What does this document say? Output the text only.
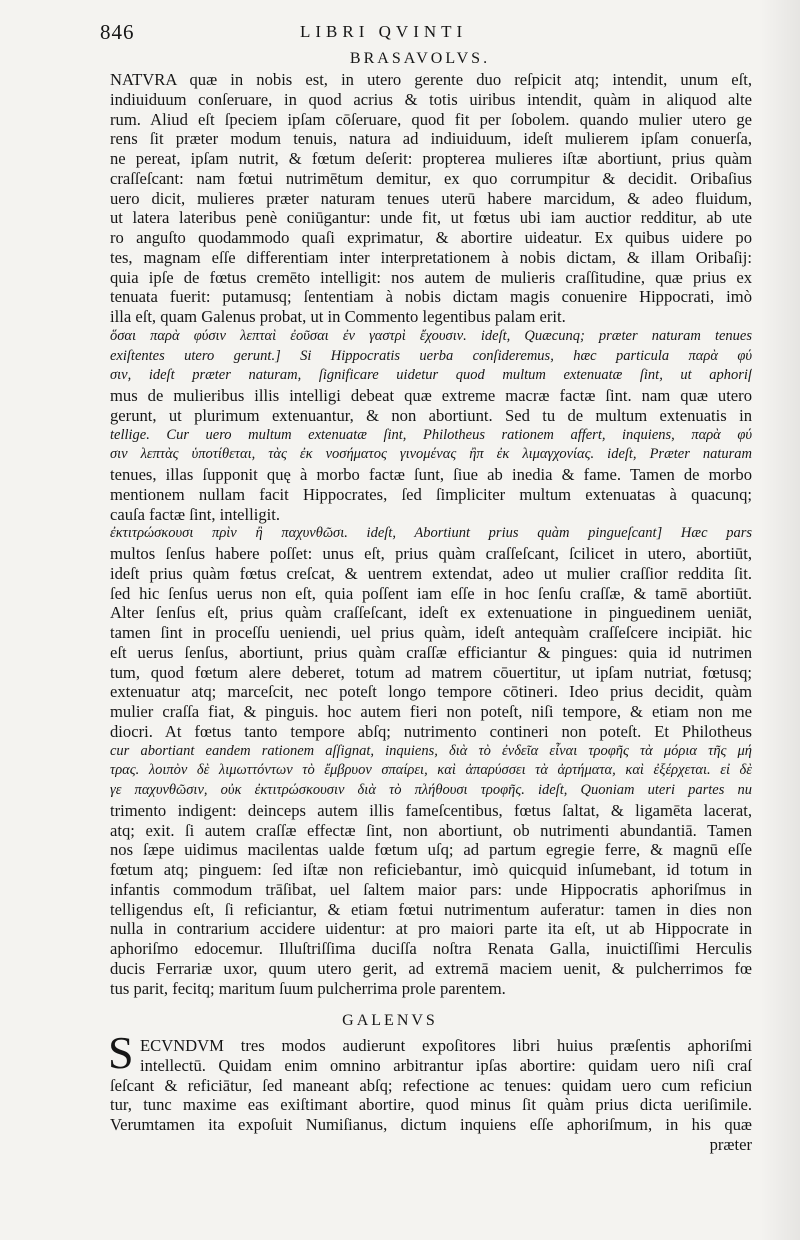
846	LIBRI QVINTI
BRASAVOLVS.
NATVRA quæ in nobis est, in utero gerente duo reſpicit atq; intendit, unum eſt,
indiuiduum conſeruare, in quod acrius & totis uiribus intendit, quàm in aliquod alte
rum. Aliud eſt ſpeciem ipſam cōſeruare, quod fit per ſobolem. quando mulier utero ge
rens ſit præter modum tenuis, natura ad indiuiduum, ideſt mulierem ipſam conuerſa,
ne pereat, ipſam nutrit, & fœtum deſerit: propterea mulieres iſtæ abortiunt, prius quàm
craſſeſcant: nam fœtui nutrimētum demitur, ex quo corrumpitur & decidit. Oribaſius
uero dicit, mulieres præter naturam tenues uterū habere marcidum, & adeo fluidum,
ut latera lateribus penè coniūgantur: unde fit, ut fœtus ubi iam auctior redditur, ab ute
ro anguſto quodammodo quaſi exprimatur, & abortire uideatur. Ex quibus uidere po
tes, magnam eſſe differentiam inter interpretationem à nobis dictam, & illam Oribaſij:
quia ipſe de fœtus cremēto intelligit: nos autem de mulieris craſſitudine, quæ prius ex
tenuata fuerit: putamusq; ſententiam à nobis dictam magis conuenire Hippocrati, imò
illa eſt, quam Galenus probat, ut in Commento legentibus palam erit.
ὅσαι παρὰ φύσιν λεπταὶ ἐοῦσαι ἐν γαστρὶ ἔχουσιν. ideſt, Quæcunq; præter naturam tenues
exiſtentes utero gerunt.] Si Hippocratis uerba conſideremus, hæc particula παρὰ φύ
σιν, ideſt præter naturam, ſignificare uidetur quod multum extenuatæ ſint, ut aphoriſ
mus de mulieribus illis intelligi debeat quæ extreme macræ factæ ſint. nam quæ utero
gerunt, ut plurimum extenuantur, & non abortiunt. Sed tu de multum extenuatis in
tellige. Cur uero multum extenuatæ ſint, Philotheus rationem affert, inquiens, παρὰ φύ
σιν λεπτὰς ὑποτίθεται, τὰς ἐκ νοσήματος γινομένας ἢπ ἐκ λιμαγχονίας. ideſt, Præter naturam
tenues, illas ſupponit quę à morbo factæ ſunt, ſiue ab inedia & fame. Tamen de morbo
mentionem nullam facit Hippocrates, ſed ſimpliciter multum extenuatas à quacunq;
cauſa factæ ſint, intelligit.
ἐκτιτρώσκουσι πρὶν ἢ παχυνθῶσι. ideſt, Abortiunt prius quàm pingueſcant] Hæc pars
multos ſenſus habere poſſet: unus eſt, prius quàm craſſeſcant, ſcilicet in utero, abortiūt,
ideſt prius quàm fœtus creſcat, & uentrem extendat, adeo ut mulier craſſior reddita ſit.
ſed hic ſenſus uerus non eſt, quia poſſent iam eſſe in hoc ſenſu craſſæ, & tamē abortiūt.
Alter ſenſus eſt, prius quàm craſſeſcant, ideſt ex extenuatione in pinguedinem ueniāt,
tamen ſint in proceſſu ueniendi, uel prius quàm, ideſt antequàm craſſeſcere incipiāt. hic
eſt uerus ſenſus, abortiunt, prius quàm craſſæ efficiantur & pingues: quia id nutrimen
tum, quod fœtum alere deberet, totum ad matrem cōuertitur, ut ipſam nutriat, fœtusq;
extenuatur atq; marceſcit, nec poteſt longo tempore cōtineri. Ideo prius decidit, quàm
mulier craſſa fiat, & pinguis. hoc autem fieri non poteſt, niſi tempore, & etiam non me
diocri. At fœtus tanto tempore abſq; nutrimento contineri non poteſt. Et Philotheus
cur abortiant eandem rationem aſſignat, inquiens, διὰ τὸ ἐνδεῖα εἶναι τροφῆς τὰ μόρια τῆς μή
τρας. λοιπὸν δὲ λιμωττόντων τὸ ἔμβρυον σπαίρει, καὶ ἀπαρύσσει τὰ ἀρτήματα, καὶ ἐξέρχεται. εἰ δὲ
γε παχυνθῶσιν, οὐκ ἐκτιτρώσκουσιν διὰ τὸ πλήθουσι τροφῆς. ideſt, Quoniam uteri partes nu
trimento indigent: deinceps autem illis fameſcentibus, fœtus ſaltat, & ligamēta lacerat,
atq; exit. ſi autem craſſæ effectæ ſint, non abortiunt, ob nutrimenti abundantiā. Tamen
nos ſæpe uidimus macilentas ualde fœtum uſq; ad partum egregie ferre, & magnū eſſe
fœtum atq; pinguem: ſed iſtæ non reficiebantur, imò quicquid inſumebant, id totum in
infantis commodum trāſibat, uel ſaltem maior pars: unde Hippocratis aphoriſmus in
telligendus eſt, ſi reficiantur, & etiam fœtui nutrimentum auferatur: tamen in dies non
nulla in contrarium accidere uidentur: at pro maiori parte ita eſt, ut ab Hippocrate in
aphoriſmo edocemur. Illuſtriſſima duciſſa noſtra Renata Galla, inuictiſſimi Herculis
ducis Ferrariæ uxor, quum utero gerit, ad extremā maciem uenit, & pulcherrimos fœ
tus parit, fecitq; maritum ſuum pulcherrima prole parentem.
GALENVS
S ECVNDVM tres modos audierunt expoſitores libri huius præſentis aphoriſmi
intellectū. Quidam enim omnino arbitrantur ipſas abortire: quidam uero niſi craſ
ſeſcant & reficiātur, ſed maneant abſq; refectione ac tenues: quidam uero cum reficiun
tur, tunc maxime eas exiſtimant abortire, quod minus ſit quàm prius dicta ueriſimile.
Verumtamen ita expoſuit Numiſianus, dictum inquiens eſſe aphoriſmum, in his quæ
præter
